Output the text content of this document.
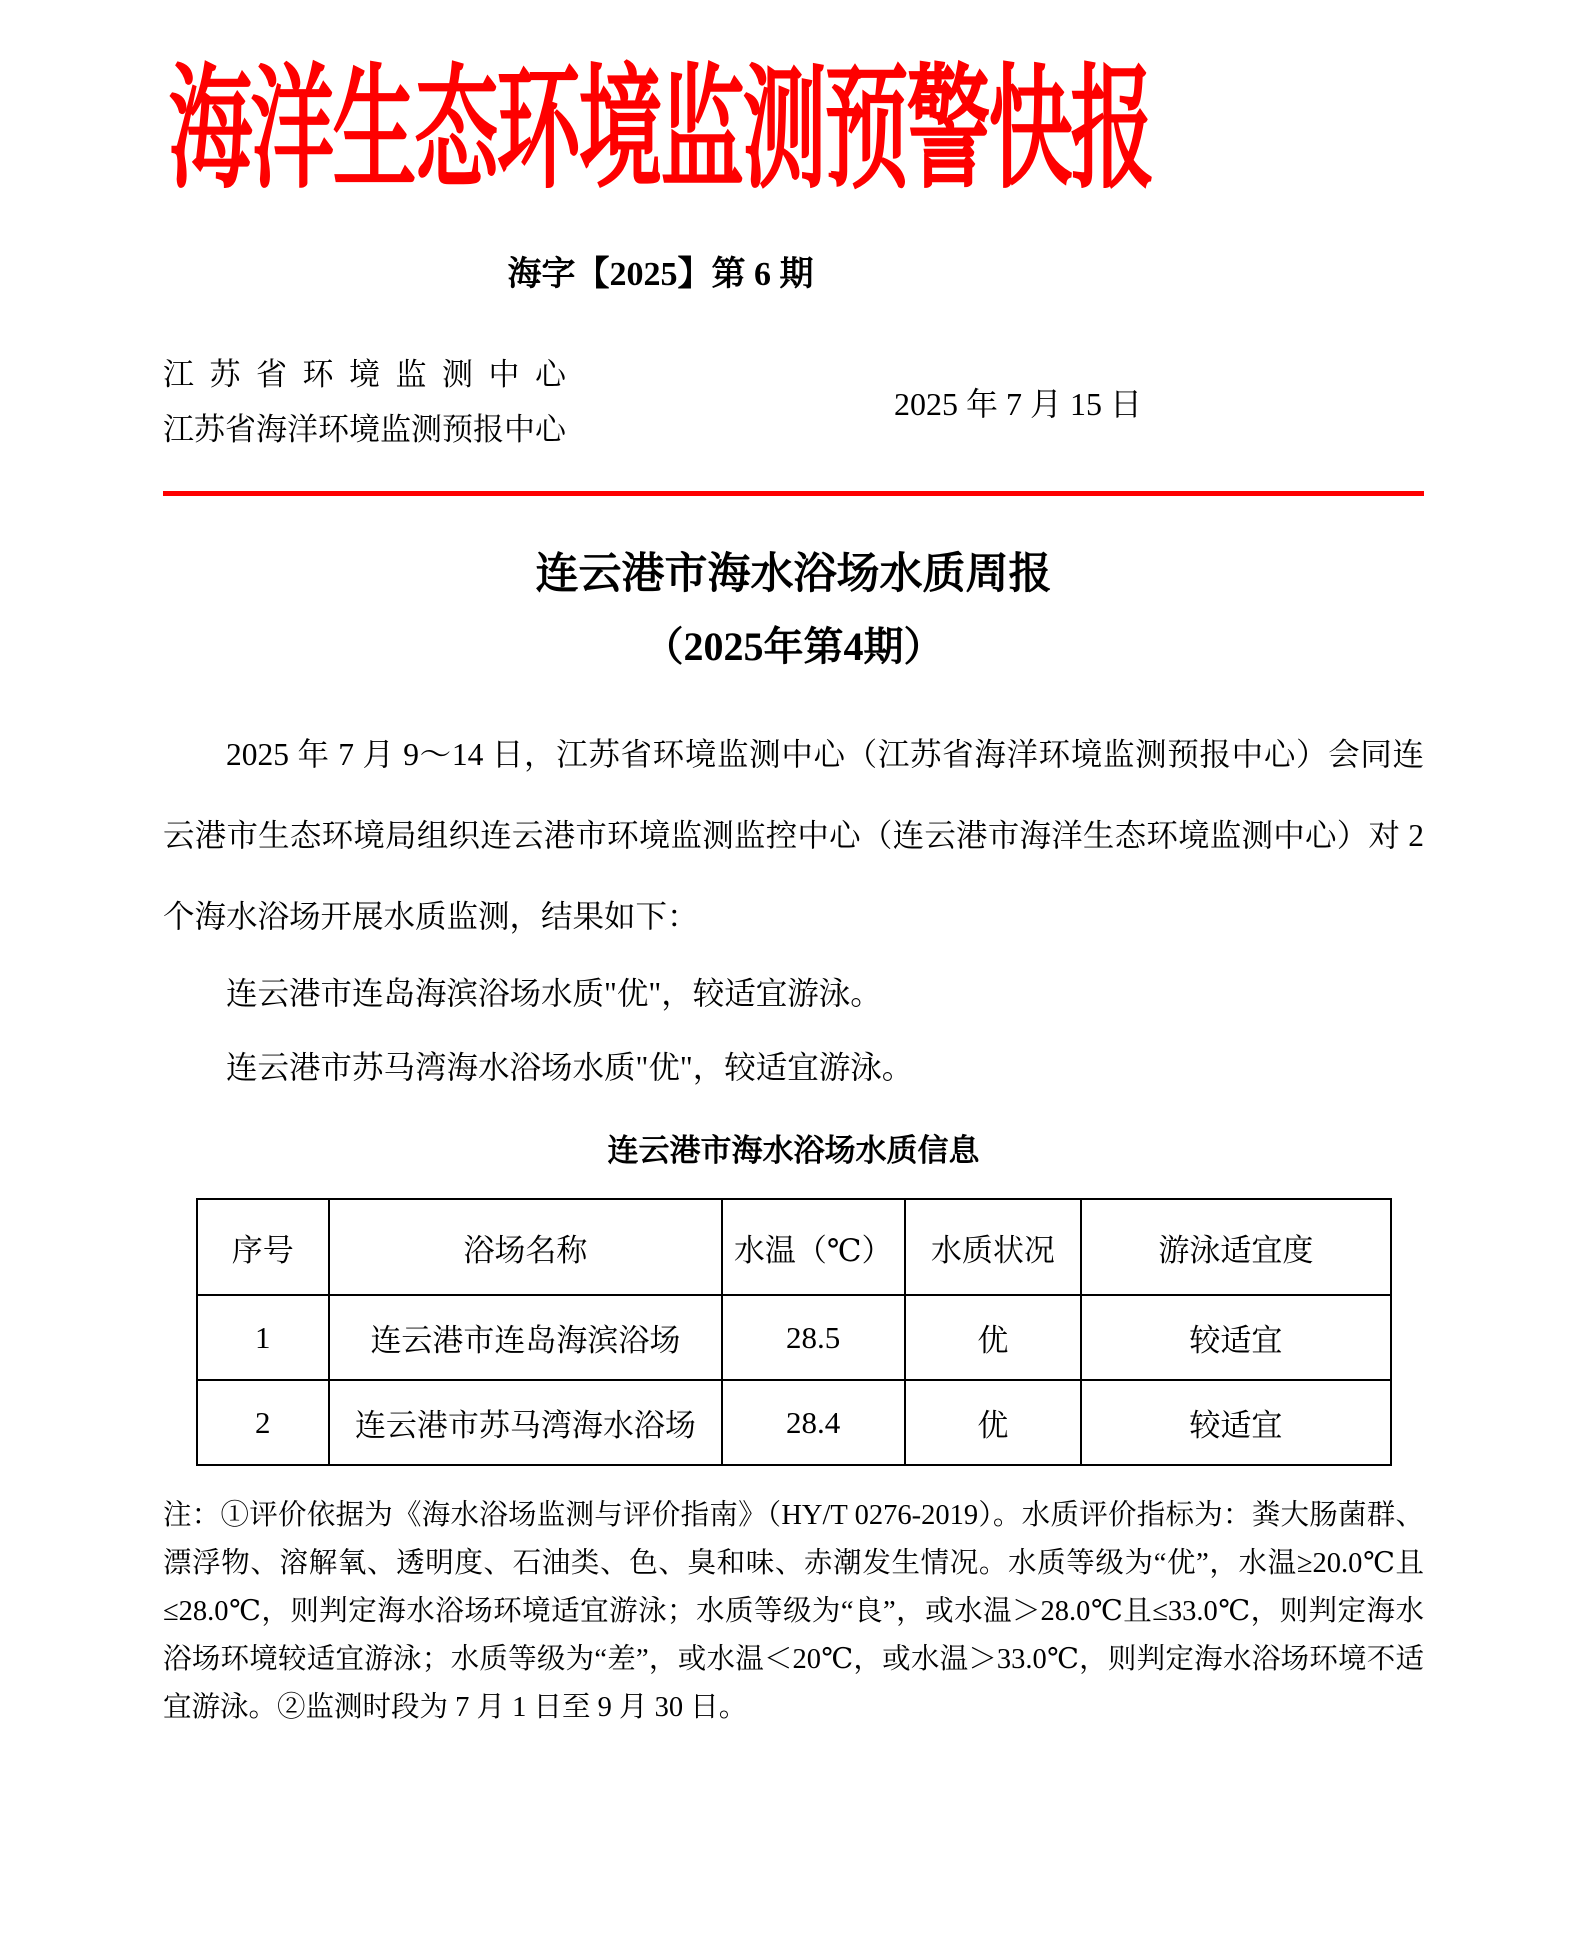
海洋生态环境监测预警快报
海字【2025】第 6 期
江苏省环境监测中心
江苏省海洋环境监测预报中心
2025 年 7 月 15 日
连云港市海水浴场水质周报
（2025年第4期）

2025 年 7 月 9～14 日，江苏省环境监测中心（江苏省海洋环境监测预报中心）会同连云港市生态环境局组织连云港市环境监测监控中心（连云港市海洋生态环境监测中心）对 2 个海水浴场开展水质监测，结果如下：

连云港市连岛海滨浴场水质"优"，较适宜游泳。

连云港市苏马湾海水浴场水质"优"，较适宜游泳。

连云港市海水浴场水质信息
序号	浴场名称	水温（℃）	水质状况	游泳适宜度
1	连云港市连岛海滨浴场	28.5	优	较适宜
2	连云港市苏马湾海水浴场	28.4	优	较适宜

注：①评价依据为《海水浴场监测与评价指南》（HY/T 0276-2019）。水质评价指标为：粪大肠菌群、漂浮物、溶解氧、透明度、石油类、色、臭和味、赤潮发生情况。水质等级为“优”，水温≥20.0℃且≤28.0℃，则判定海水浴场环境适宜游泳；水质等级为“良”，或水温＞28.0℃且≤33.0℃，则判定海水浴场环境较适宜游泳；水质等级为“差”，或水温＜20℃，或水温＞33.0℃，则判定海水浴场环境不适宜游泳。②监测时段为 7 月 1 日至 9 月 30 日。
